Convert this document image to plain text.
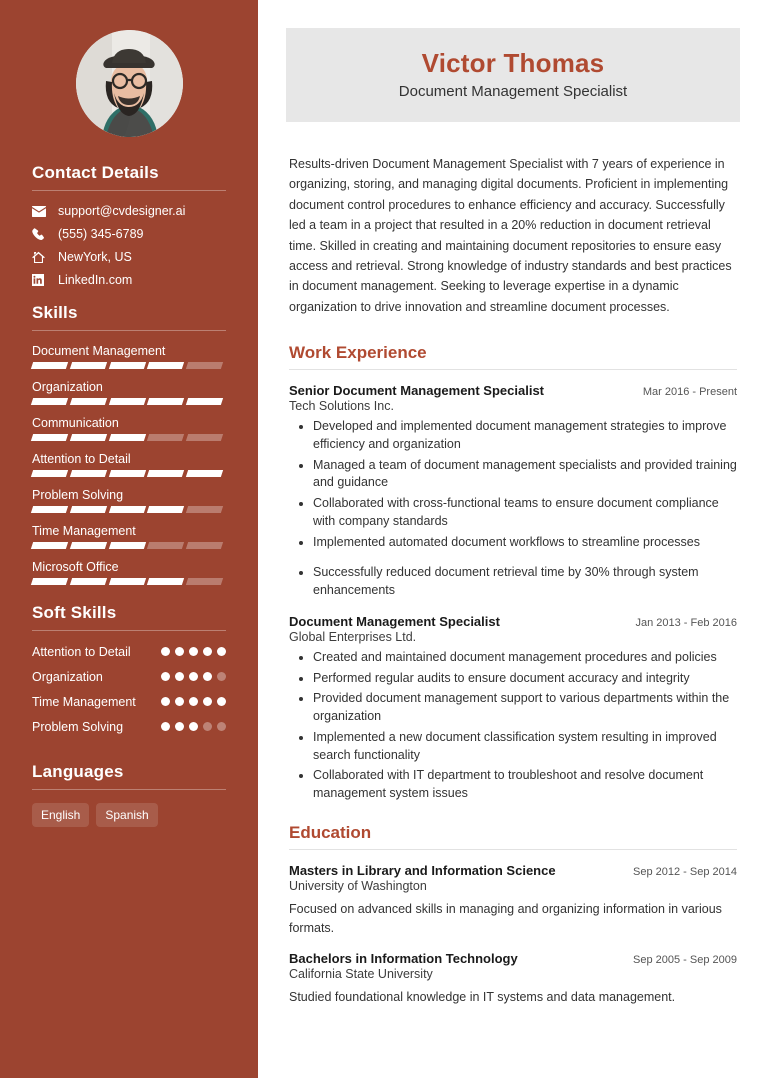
Contact Details
support@cvdesigner.ai
(555) 345-6789
NewYork, US
LinkedIn.com
Skills
Document Management
Organization
Communication
Attention to Detail
Problem Solving
Time Management
Microsoft Office
Soft Skills
Attention to Detail
Organization
Time Management
Problem Solving
Languages
English	Spanish
Victor Thomas
Document Management Specialist

Results-driven Document Management Specialist with 7 years of experience in organizing, storing, and managing digital documents. Proficient in implementing document control procedures to enhance efficiency and accuracy. Successfully led a team in a project that resulted in a 20% reduction in document retrieval time. Skilled in creating and maintaining document repositories to ensure easy access and retrieval. Strong knowledge of industry standards and best practices in document management. Seeking to leverage expertise in a dynamic organization to drive innovation and streamline document processes.

Work Experience
Senior Document Management Specialist	Mar 2016 - Present
Tech Solutions Inc.
• Developed and implemented document management strategies to improve efficiency and organization
• Managed a team of document management specialists and provided training and guidance
• Collaborated with cross-functional teams to ensure document compliance with company standards
• Implemented automated document workflows to streamline processes
• Successfully reduced document retrieval time by 30% through system enhancements
Document Management Specialist	Jan 2013 - Feb 2016
Global Enterprises Ltd.
• Created and maintained document management procedures and policies
• Performed regular audits to ensure document accuracy and integrity
• Provided document management support to various departments within the organization
• Implemented a new document classification system resulting in improved search functionality
• Collaborated with IT department to troubleshoot and resolve document management system issues
Education
Masters in Library and Information Science	Sep 2012 - Sep 2014
University of Washington
Focused on advanced skills in managing and organizing information in various formats.
Bachelors in Information Technology	Sep 2005 - Sep 2009
California State University
Studied foundational knowledge in IT systems and data management.
